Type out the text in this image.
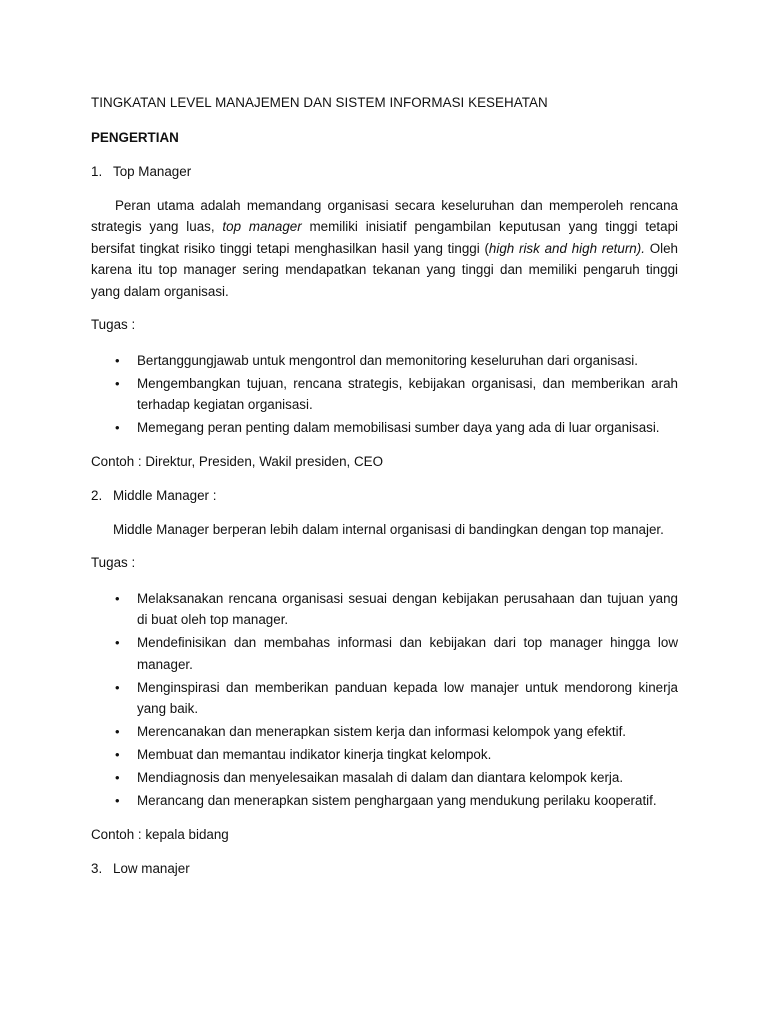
TINGKATAN LEVEL MANAJEMEN DAN SISTEM INFORMASI KESEHATAN

PENGERTIAN

1. Top Manager

Peran utama adalah memandang organisasi secara keseluruhan dan memperoleh rencana strategis yang luas, top manager memiliki inisiatif pengambilan keputusan yang tinggi tetapi bersifat tingkat risiko tinggi tetapi menghasilkan hasil yang tinggi (high risk and high return). Oleh karena itu top manager sering mendapatkan tekanan yang tinggi dan memiliki pengaruh tinggi yang dalam organisasi.

Tugas :

• Bertanggungjawab untuk mengontrol dan memonitoring keseluruhan dari organisasi.
• Mengembangkan tujuan, rencana strategis, kebijakan organisasi, dan memberikan arah terhadap kegiatan organisasi.
• Memegang peran penting dalam memobilisasi sumber daya yang ada di luar organisasi.

Contoh : Direktur, Presiden, Wakil presiden, CEO

2. Middle Manager :

Middle Manager berperan lebih dalam internal organisasi di bandingkan dengan top manajer.

Tugas :

• Melaksanakan rencana organisasi sesuai dengan kebijakan perusahaan dan tujuan yang di buat oleh top manager.
• Mendefinisikan dan membahas informasi dan kebijakan dari top manager hingga low manager.
• Menginspirasi dan memberikan panduan kepada low manajer untuk mendorong kinerja yang baik.
• Merencanakan dan menerapkan sistem kerja dan informasi kelompok yang efektif.
• Membuat dan memantau indikator kinerja tingkat kelompok.
• Mendiagnosis dan menyelesaikan masalah di dalam dan diantara kelompok kerja.
• Merancang dan menerapkan sistem penghargaan yang mendukung perilaku kooperatif.

Contoh : kepala bidang

3. Low manajer
